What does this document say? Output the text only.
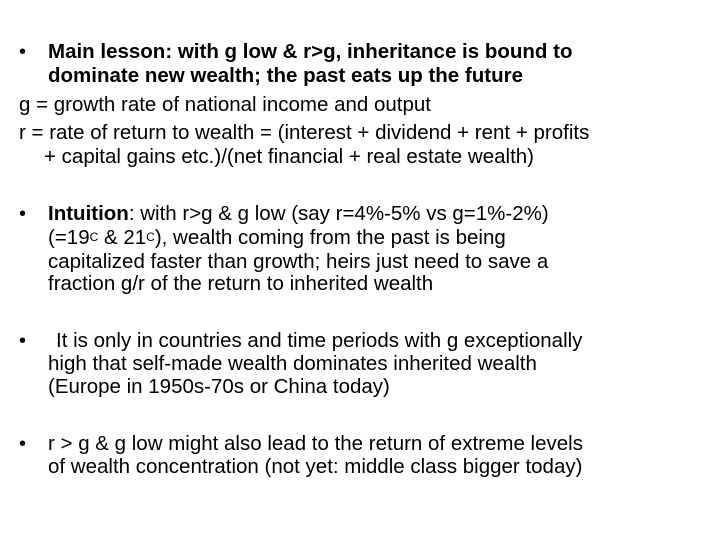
• Main lesson: with g low & r>g, inheritance is bound to
dominate new wealth; the past eats up the future
g = growth rate of national income and output
r = rate of return to wealth = (interest + dividend + rent + profits
+ capital gains etc.)/(net financial + real estate wealth)
• Intuition: with r>g & g low (say r=4%-5% vs g=1%-2%)
($=19^C$ & $21^C$), wealth coming from the past is being
capitalized faster than growth; heirs just need to save a
fraction g/r of the return to inherited wealth
• It is only in countries and time periods with g exceptionally
high that self-made wealth dominates inherited wealth
(Europe in 1950s-70s or China today)
• r > g & g low might also lead to the return of extreme levels
of wealth concentration (not yet: middle class bigger today)
